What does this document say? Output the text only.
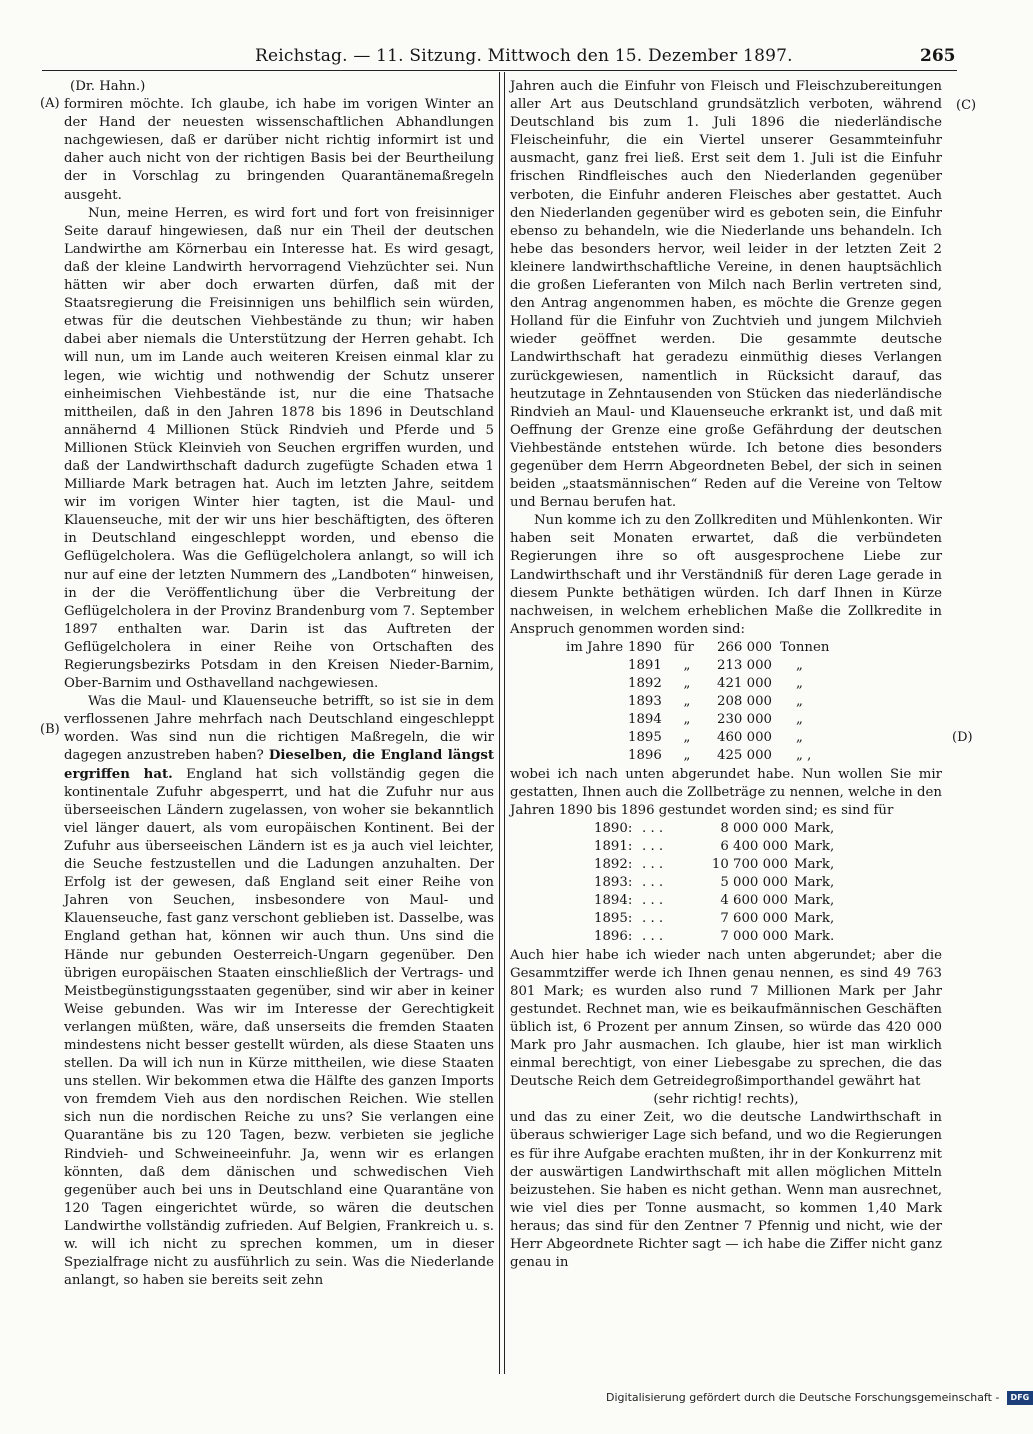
Reichstag. — 11. Sitzung. Mittwoch den 15. Dezember 1897.	265
(A)
(B)
(C)
(D)

(Dr. Hahn.)

formiren möchte. Ich glaube, ich habe im vorigen Winter an der Hand der neuesten wissenschaftlichen Abhandlungen nachgewiesen, daß er darüber nicht richtig informirt ist und daher auch nicht von der richtigen Basis bei der Beurtheilung der in Vorschlag zu bringenden Quarantänemaßregeln ausgeht.

Nun, meine Herren, es wird fort und fort von freisinniger Seite darauf hingewiesen, daß nur ein Theil der deutschen Landwirthe am Körnerbau ein Interesse hat. Es wird gesagt, daß der kleine Landwirth hervorragend Viehzüchter sei. Nun hätten wir aber doch erwarten dürfen, daß mit der Staatsregierung die Freisinnigen uns behilflich sein würden, etwas für die deutschen Viehbestände zu thun; wir haben dabei aber niemals die Unterstützung der Herren gehabt. Ich will nun, um im Lande auch weiteren Kreisen einmal klar zu legen, wie wichtig und nothwendig der Schutz unserer einheimischen Viehbestände ist, nur die eine Thatsache mittheilen, daß in den Jahren 1878 bis 1896 in Deutschland annähernd 4 Millionen Stück Rindvieh und Pferde und 5 Millionen Stück Kleinvieh von Seuchen ergriffen wurden, und daß der Landwirthschaft dadurch zugefügte Schaden etwa 1 Milliarde Mark betragen hat. Auch im letzten Jahre, seitdem wir im vorigen Winter hier tagten, ist die Maul- und Klauenseuche, mit der wir uns hier beschäftigten, des öfteren in Deutschland eingeschleppt worden, und ebenso die Geflügelcholera. Was die Geflügelcholera anlangt, so will ich nur auf eine der letzten Nummern des „Landboten“ hinweisen, in der die Veröffentlichung über die Verbreitung der Geflügelcholera in der Provinz Brandenburg vom 7. September 1897 enthalten war. Darin ist das Auftreten der Geflügelcholera in einer Reihe von Ortschaften des Regierungsbezirks Potsdam in den Kreisen Nieder-Barnim, Ober-Barnim und Osthavelland nachgewiesen.

Was die Maul- und Klauenseuche betrifft, so ist sie in dem verflossenen Jahre mehrfach nach Deutschland eingeschleppt worden. Was sind nun die richtigen Maßregeln, die wir dagegen anzustreben haben? Dieselben, die England längst ergriffen hat. England hat sich vollständig gegen die kontinentale Zufuhr abgesperrt, und hat die Zufuhr nur aus überseeischen Ländern zugelassen, von woher sie bekanntlich viel länger dauert, als vom europäischen Kontinent. Bei der Zufuhr aus überseeischen Ländern ist es ja auch viel leichter, die Seuche festzustellen und die Ladungen anzuhalten. Der Erfolg ist der gewesen, daß England seit einer Reihe von Jahren von Seuchen, insbesondere von Maul- und Klauenseuche, fast ganz verschont geblieben ist. Dasselbe, was England gethan hat, können wir auch thun. Uns sind die Hände nur gebunden Oesterreich-Ungarn gegenüber. Den übrigen europäischen Staaten einschließlich der Vertrags- und Meistbegünstigungsstaaten gegenüber, sind wir aber in keiner Weise gebunden. Was wir im Interesse der Gerechtigkeit verlangen müßten, wäre, daß unserseits die fremden Staaten mindestens nicht besser gestellt würden, als diese Staaten uns stellen. Da will ich nun in Kürze mittheilen, wie diese Staaten uns stellen. Wir bekommen etwa die Hälfte des ganzen Imports von fremdem Vieh aus den nordischen Reichen. Wie stellen sich nun die nordischen Reiche zu uns? Sie verlangen eine Quarantäne bis zu 120 Tagen, bezw. verbieten sie jegliche Rindvieh- und Schweineeinfuhr. Ja, wenn wir es erlangen könnten, daß dem dänischen und schwedischen Vieh gegenüber auch bei uns in Deutschland eine Quarantäne von 120 Tagen eingerichtet würde, so wären die deutschen Landwirthe vollständig zufrieden. Auf Belgien, Frankreich u. s. w. will ich nicht zu sprechen kommen, um in dieser Spezialfrage nicht zu ausführlich zu sein. Was die Niederlande anlangt, so haben sie bereits seit zehn

Jahren auch die Einfuhr von Fleisch und Fleischzubereitungen aller Art aus Deutschland grundsätzlich verboten, während Deutschland bis zum 1. Juli 1896 die niederländische Fleischeinfuhr, die ein Viertel unserer Gesammteinfuhr ausmacht, ganz frei ließ. Erst seit dem 1. Juli ist die Einfuhr frischen Rindfleisches auch den Niederlanden gegenüber verboten, die Einfuhr anderen Fleisches aber gestattet. Auch den Niederlanden gegenüber wird es geboten sein, die Einfuhr ebenso zu behandeln, wie die Niederlande uns behandeln. Ich hebe das besonders hervor, weil leider in der letzten Zeit 2 kleinere landwirthschaftliche Vereine, in denen hauptsächlich die großen Lieferanten von Milch nach Berlin vertreten sind, den Antrag angenommen haben, es möchte die Grenze gegen Holland für die Einfuhr von Zuchtvieh und jungem Milchvieh wieder geöffnet werden. Die gesammte deutsche Landwirthschaft hat geradezu einmüthig dieses Verlangen zurückgewiesen, namentlich in Rücksicht darauf, das heutzutage in Zehntausenden von Stücken das niederländische Rindvieh an Maul- und Klauenseuche erkrankt ist, und daß mit Oeffnung der Grenze eine große Gefährdung der deutschen Viehbestände entstehen würde. Ich betone dies besonders gegenüber dem Herrn Abgeordneten Bebel, der sich in seinen beiden „staatsmännischen“ Reden auf die Vereine von Teltow und Bernau berufen hat.

Nun komme ich zu den Zollkrediten und Mühlenkonten. Wir haben seit Monaten erwartet, daß die verbündeten Regierungen ihre so oft ausgesprochene Liebe zur Landwirthschaft und ihr Verständniß für deren Lage gerade in diesem Punkte bethätigen würden. Ich darf Ihnen in Kürze nachweisen, in welchem erheblichen Maße die Zollkredite in Anspruch genommen worden sind:

im Jahre	1890	für	266 000	Tonnen
	1891	„	213 000	„
	1892	„	421 000	„
	1893	„	208 000	„
	1894	„	230 000	„
	1895	„	460 000	„
	1896	„	425 000	„ ,

wobei ich nach unten abgerundet habe. Nun wollen Sie mir gestatten, Ihnen auch die Zollbeträge zu nennen, welche in den Jahren 1890 bis 1896 gestundet worden sind; es sind für

1890:	. . .	8 000 000	Mark,
1891:	. . .	6 400 000	Mark,
1892:	. . .	10 700 000	Mark,
1893:	. . .	5 000 000	Mark,
1894:	. . .	4 600 000	Mark,
1895:	. . .	7 600 000	Mark,
1896:	. . .	7 000 000	Mark.

Auch hier habe ich wieder nach unten abgerundet; aber die Gesammtziffer werde ich Ihnen genau nennen, es sind 49 763 801 Mark; es wurden also rund 7 Millionen Mark per Jahr gestundet. Rechnet man, wie es beikaufmännischen Geschäften üblich ist, 6 Prozent per annum Zinsen, so würde das 420 000 Mark pro Jahr ausmachen. Ich glaube, hier ist man wirklich einmal berechtigt, von einer Liebesgabe zu sprechen, die das Deutsche Reich dem Getreidegroßimporthandel gewährt hat

(sehr richtig! rechts),

und das zu einer Zeit, wo die deutsche Landwirthschaft in überaus schwieriger Lage sich befand, und wo die Regierungen es für ihre Aufgabe erachten mußten, ihr in der Konkurrenz mit der auswärtigen Landwirthschaft mit allen möglichen Mitteln beizustehen. Sie haben es nicht gethan. Wenn man ausrechnet, wie viel dies per Tonne ausmacht, so kommen 1,40 Mark heraus; das sind für den Zentner 7 Pfennig und nicht, wie der Herr Abgeordnete Richter sagt — ich habe die Ziffer nicht ganz genau in

Digitalisierung gefördert durch die Deutsche Forschungsgemeinschaft - DFG
